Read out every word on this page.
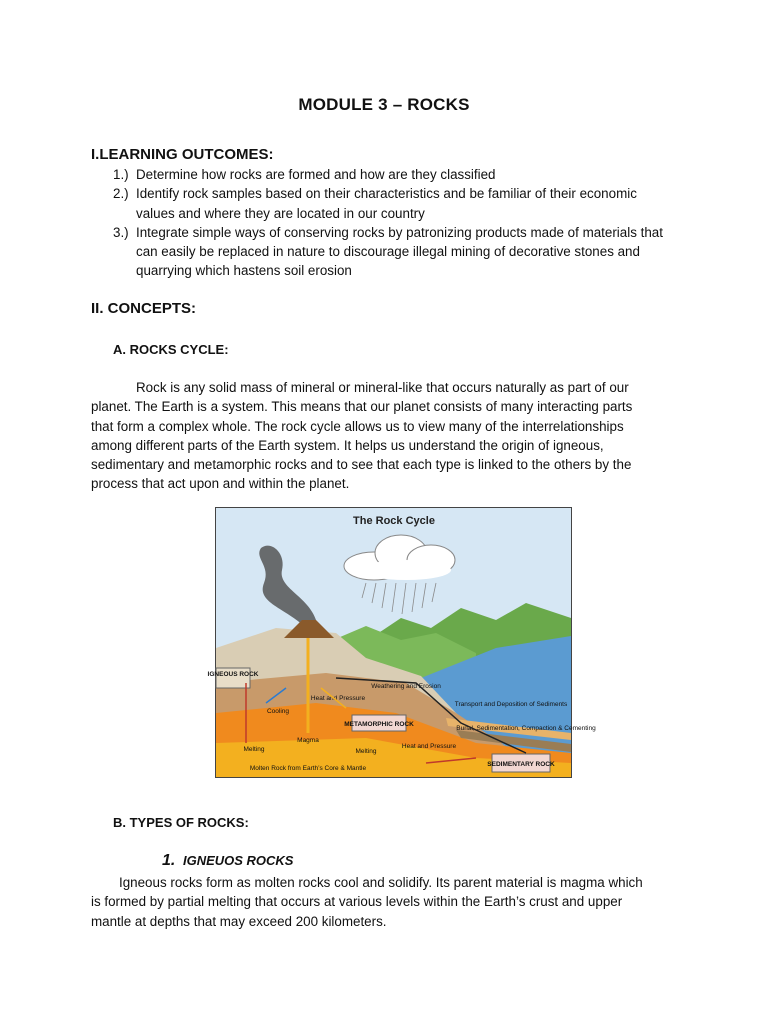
MODULE 3 – ROCKS
I.LEARNING OUTCOMES:
1.) Determine how rocks are formed and how are they classified
2.) Identify rock samples based on their characteristics and be familiar of their economic values and where they are located in our country
3.) Integrate simple ways of conserving rocks by patronizing products made of materials that can easily be replaced in nature to discourage illegal mining of decorative stones and quarrying which hastens soil erosion
II. CONCEPTS:
A. ROCKS CYCLE:
Rock is any solid mass of mineral or mineral-like that occurs naturally as part of our planet. The Earth is a system. This means that our planet consists of many interacting parts that form a complex whole. The rock cycle allows us to view many of the interrelationships among different parts of the Earth system. It helps us understand the origin of igneous, sedimentary and metamorphic rocks and to see that each type is linked to the others by the process that act upon and within the planet.
The Rock Cycle
IGNEOUS ROCK
Weathering and Erosion
Transport and Deposition of Sediments
Heat and Pressure
Cooling
METAMORPHIC ROCK
Burial, Sedimentation, Compaction & Cementing
Magma
Melting	Melting
Heat and Pressure
SEDIMENTARY ROCK
Molten Rock from Earth’s Core & Mantle
B. TYPES OF ROCKS:
1. IGNEUOS ROCKS
Igneous rocks form as molten rocks cool and solidify. Its parent material is magma which is formed by partial melting that occurs at various levels within the Earth’s crust and upper mantle at depths that may exceed 200 kilometers.
